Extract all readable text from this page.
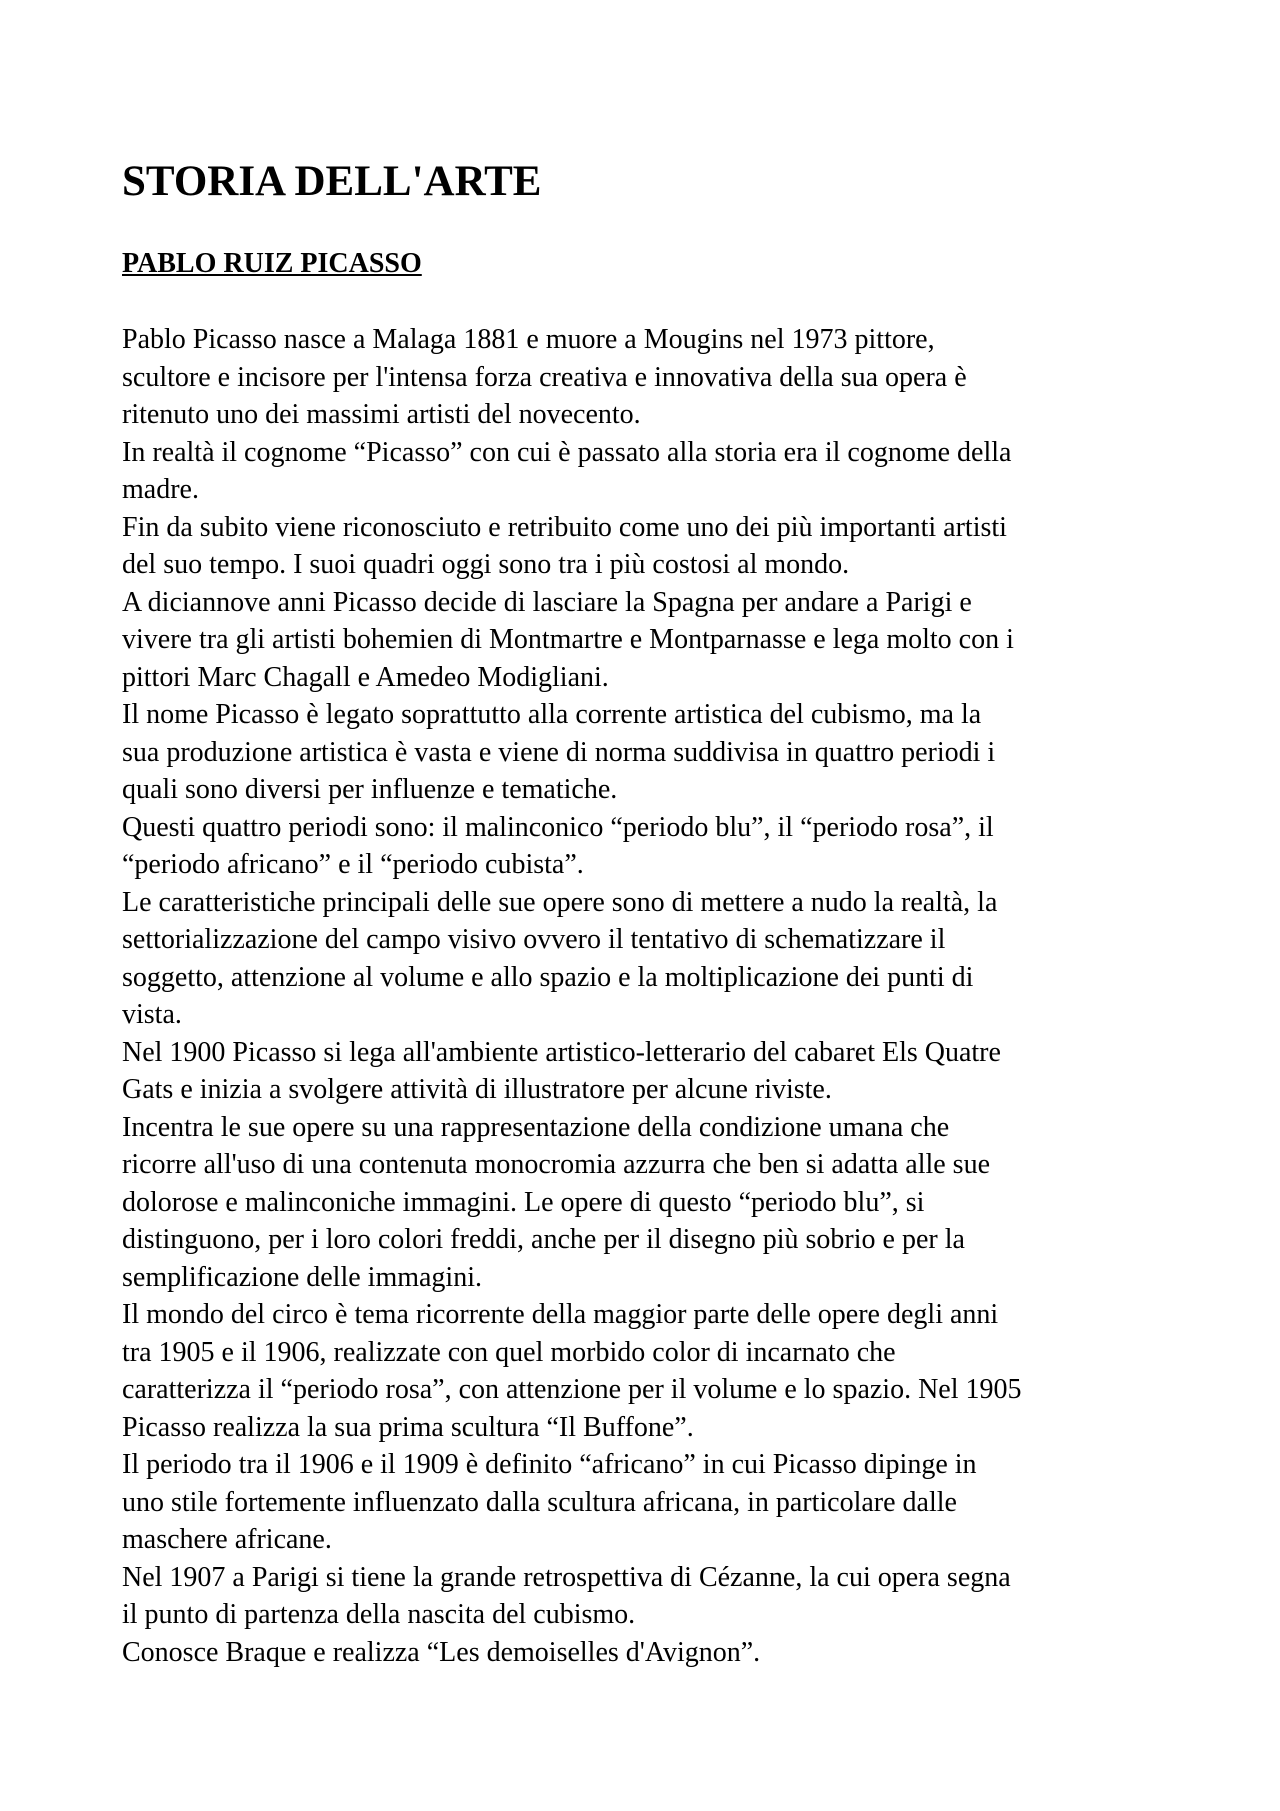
STORIA DELL'ARTE
PABLO RUIZ PICASSO
Pablo Picasso nasce a Malaga 1881 e muore a Mougins nel 1973 pittore,
scultore e incisore per l'intensa forza creativa e innovativa della sua opera è
ritenuto uno dei massimi artisti del novecento.
In realtà il cognome “Picasso” con cui è passato alla storia era il cognome della
madre.
Fin da subito viene riconosciuto e retribuito come uno dei più importanti artisti
del suo tempo. I suoi quadri oggi sono tra i più costosi al mondo.
A diciannove anni Picasso decide di lasciare la Spagna per andare a Parigi e
vivere tra gli artisti bohemien di Montmartre e Montparnasse e lega molto con i
pittori Marc Chagall e Amedeo Modigliani.
Il nome Picasso è legato soprattutto alla corrente artistica del cubismo, ma la
sua produzione artistica è vasta e viene di norma suddivisa in quattro periodi i
quali sono diversi per influenze e tematiche.
Questi quattro periodi sono: il malinconico “periodo blu”, il “periodo rosa”, il
“periodo africano” e il “periodo cubista”.
Le caratteristiche principali delle sue opere sono di mettere a nudo la realtà, la
settorializzazione del campo visivo ovvero il tentativo di schematizzare il
soggetto, attenzione al volume e allo spazio e la moltiplicazione dei punti di
vista.
Nel 1900 Picasso si lega all'ambiente artistico-letterario del cabaret Els Quatre
Gats e inizia a svolgere attività di illustratore per alcune riviste.
Incentra le sue opere su una rappresentazione della condizione umana che
ricorre all'uso di una contenuta monocromia azzurra che ben si adatta alle sue
dolorose e malinconiche immagini. Le opere di questo “periodo blu”, si
distinguono, per i loro colori freddi, anche per il disegno più sobrio e per la
semplificazione delle immagini.
Il mondo del circo è tema ricorrente della maggior parte delle opere degli anni
tra 1905 e il 1906, realizzate con quel morbido color di incarnato che
caratterizza il “periodo rosa”, con attenzione per il volume e lo spazio. Nel 1905
Picasso realizza la sua prima scultura “Il Buffone”.
Il periodo tra il 1906 e il 1909 è definito “africano” in cui Picasso dipinge in
uno stile fortemente influenzato dalla scultura africana, in particolare dalle
maschere africane.
Nel 1907 a Parigi si tiene la grande retrospettiva di Cézanne, la cui opera segna
il punto di partenza della nascita del cubismo.
Conosce Braque e realizza “Les demoiselles d'Avignon”.
